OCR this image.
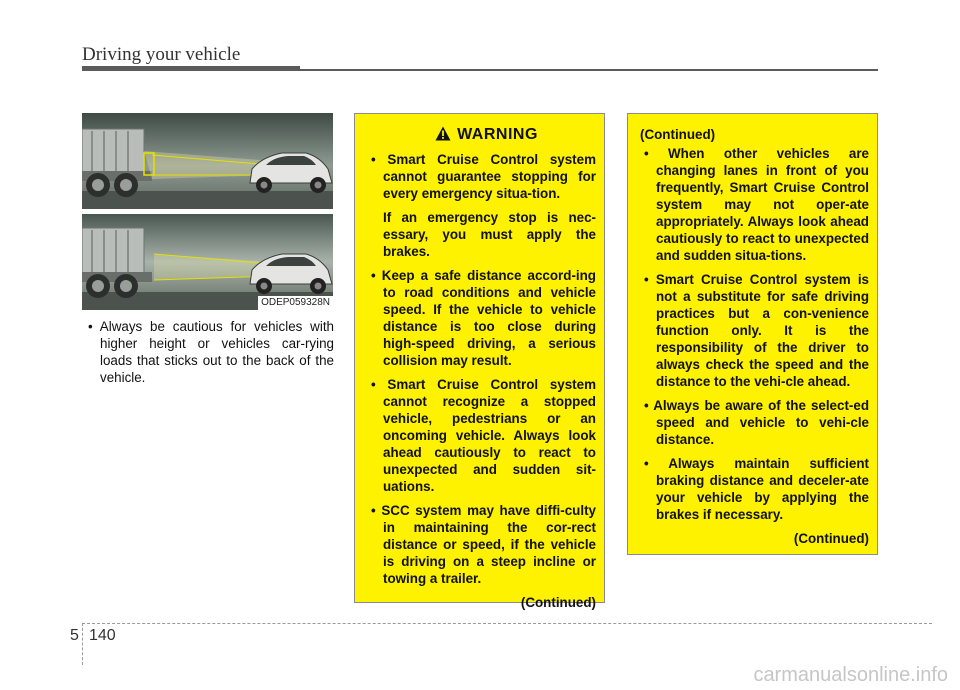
Driving your vehicle
ODEP059328N

• Always be cautious for vehicles with higher height or vehicles car-rying loads that sticks out to the back of the vehicle.

WARNING
• Smart Cruise Control system cannot guarantee stopping for every emergency situa-tion.
If an emergency stop is nec-essary, you must apply the brakes.
• Keep a safe distance accord-ing to road conditions and vehicle speed. If the vehicle to vehicle distance is too close during high-speed driving, a serious collision may result.
• Smart Cruise Control system cannot recognize a stopped vehicle, pedestrians or an oncoming vehicle. Always look ahead cautiously to react to unexpected and sudden sit-uations.
• SCC system may have diffi-culty in maintaining the cor-rect distance or speed, if the vehicle is driving on a steep incline or towing a trailer.
(Continued)
(Continued)
• When other vehicles are changing lanes in front of you frequently, Smart Cruise Control system may not oper-ate appropriately. Always look ahead cautiously to react to unexpected and sudden situa-tions.
• Smart Cruise Control system is not a substitute for safe driving practices but a con-venience function only. It is the responsibility of the driver to always check the speed and the distance to the vehi-cle ahead.
• Always be aware of the select-ed speed and vehicle to vehi-cle distance.
• Always maintain sufficient braking distance and deceler-ate your vehicle by applying the brakes if necessary.
(Continued)
5 140
carmanualsonline.info
